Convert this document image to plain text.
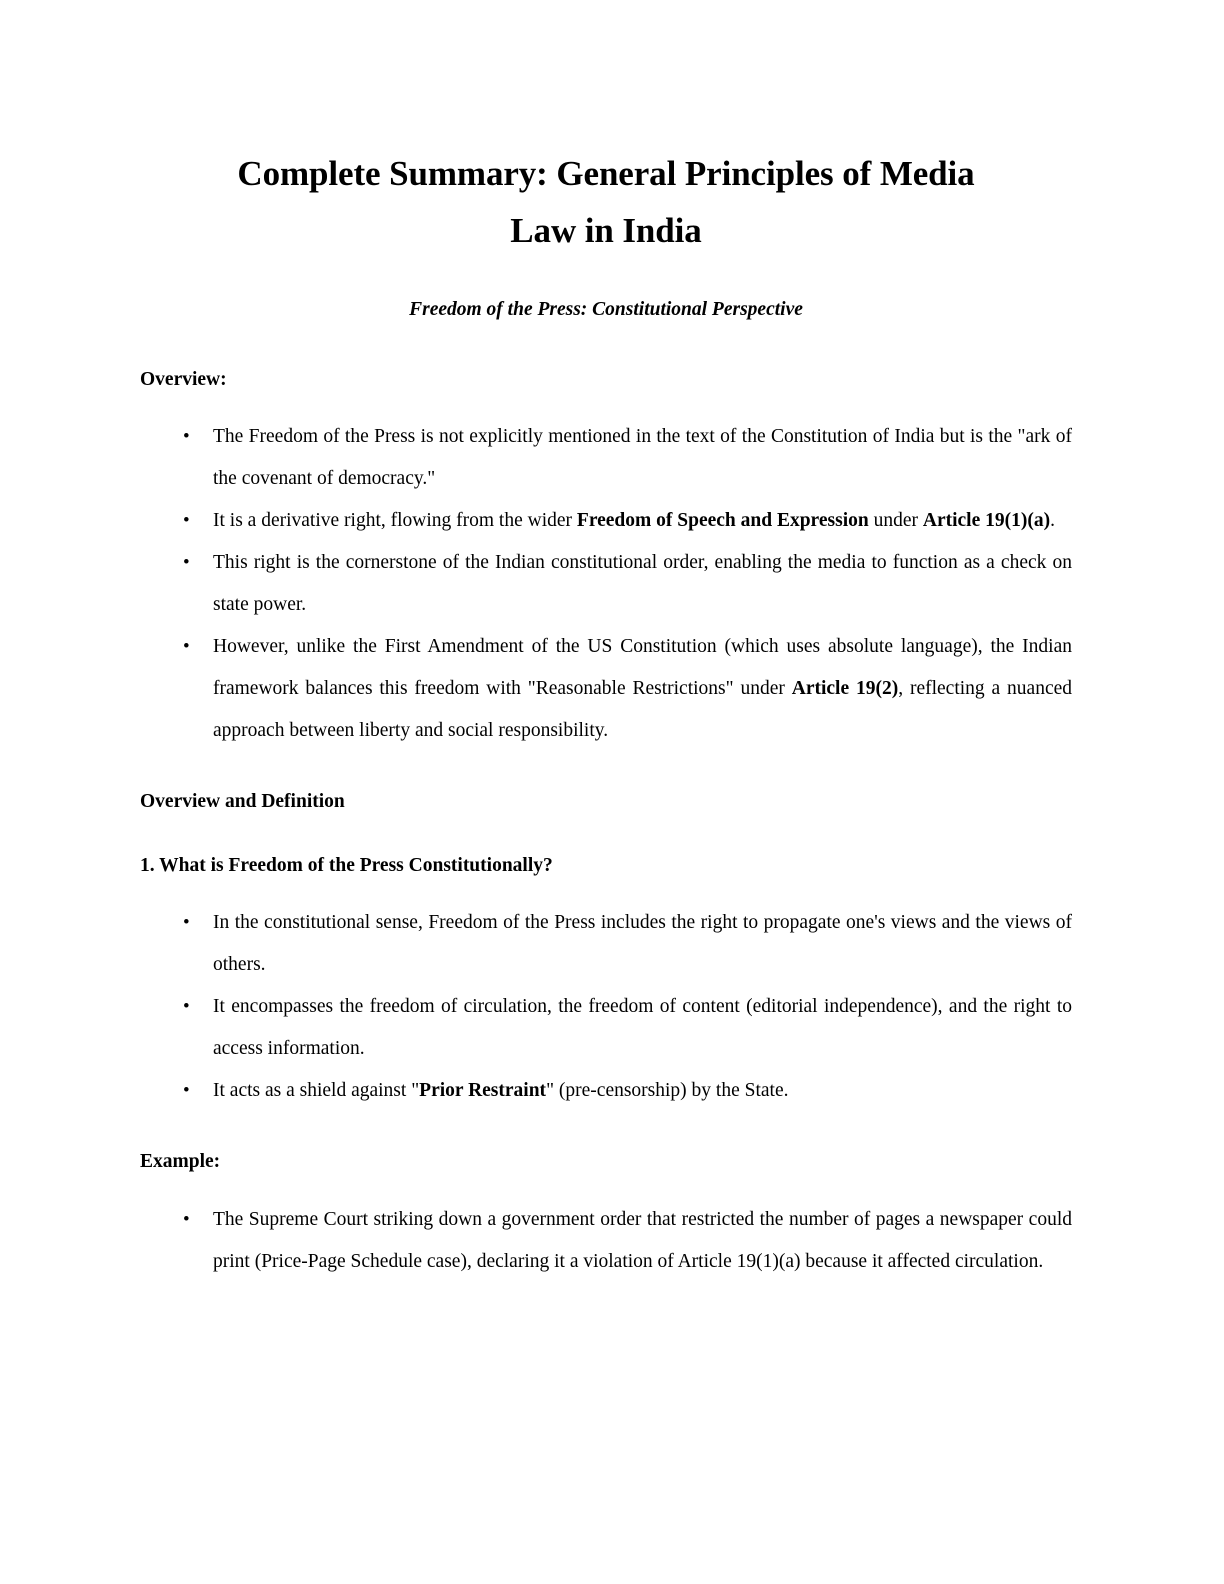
Complete Summary: General Principles of Media
Law in India
Freedom of the Press: Constitutional Perspective
Overview:
• The Freedom of the Press is not explicitly mentioned in the text of the Constitution of India but is the "ark of the covenant of democracy."
• It is a derivative right, flowing from the wider Freedom of Speech and Expression under Article 19(1)(a).
• This right is the cornerstone of the Indian constitutional order, enabling the media to function as a check on state power.
• However, unlike the First Amendment of the US Constitution (which uses absolute language), the Indian framework balances this freedom with "Reasonable Restrictions" under Article 19(2), reflecting a nuanced approach between liberty and social responsibility.
Overview and Definition
1. What is Freedom of the Press Constitutionally?
• In the constitutional sense, Freedom of the Press includes the right to propagate one's views and the views of others.
• It encompasses the freedom of circulation, the freedom of content (editorial independence), and the right to access information.
• It acts as a shield against "Prior Restraint" (pre-censorship) by the State.
Example:
• The Supreme Court striking down a government order that restricted the number of pages a newspaper could print (Price-Page Schedule case), declaring it a violation of Article 19(1)(a) because it affected circulation.
